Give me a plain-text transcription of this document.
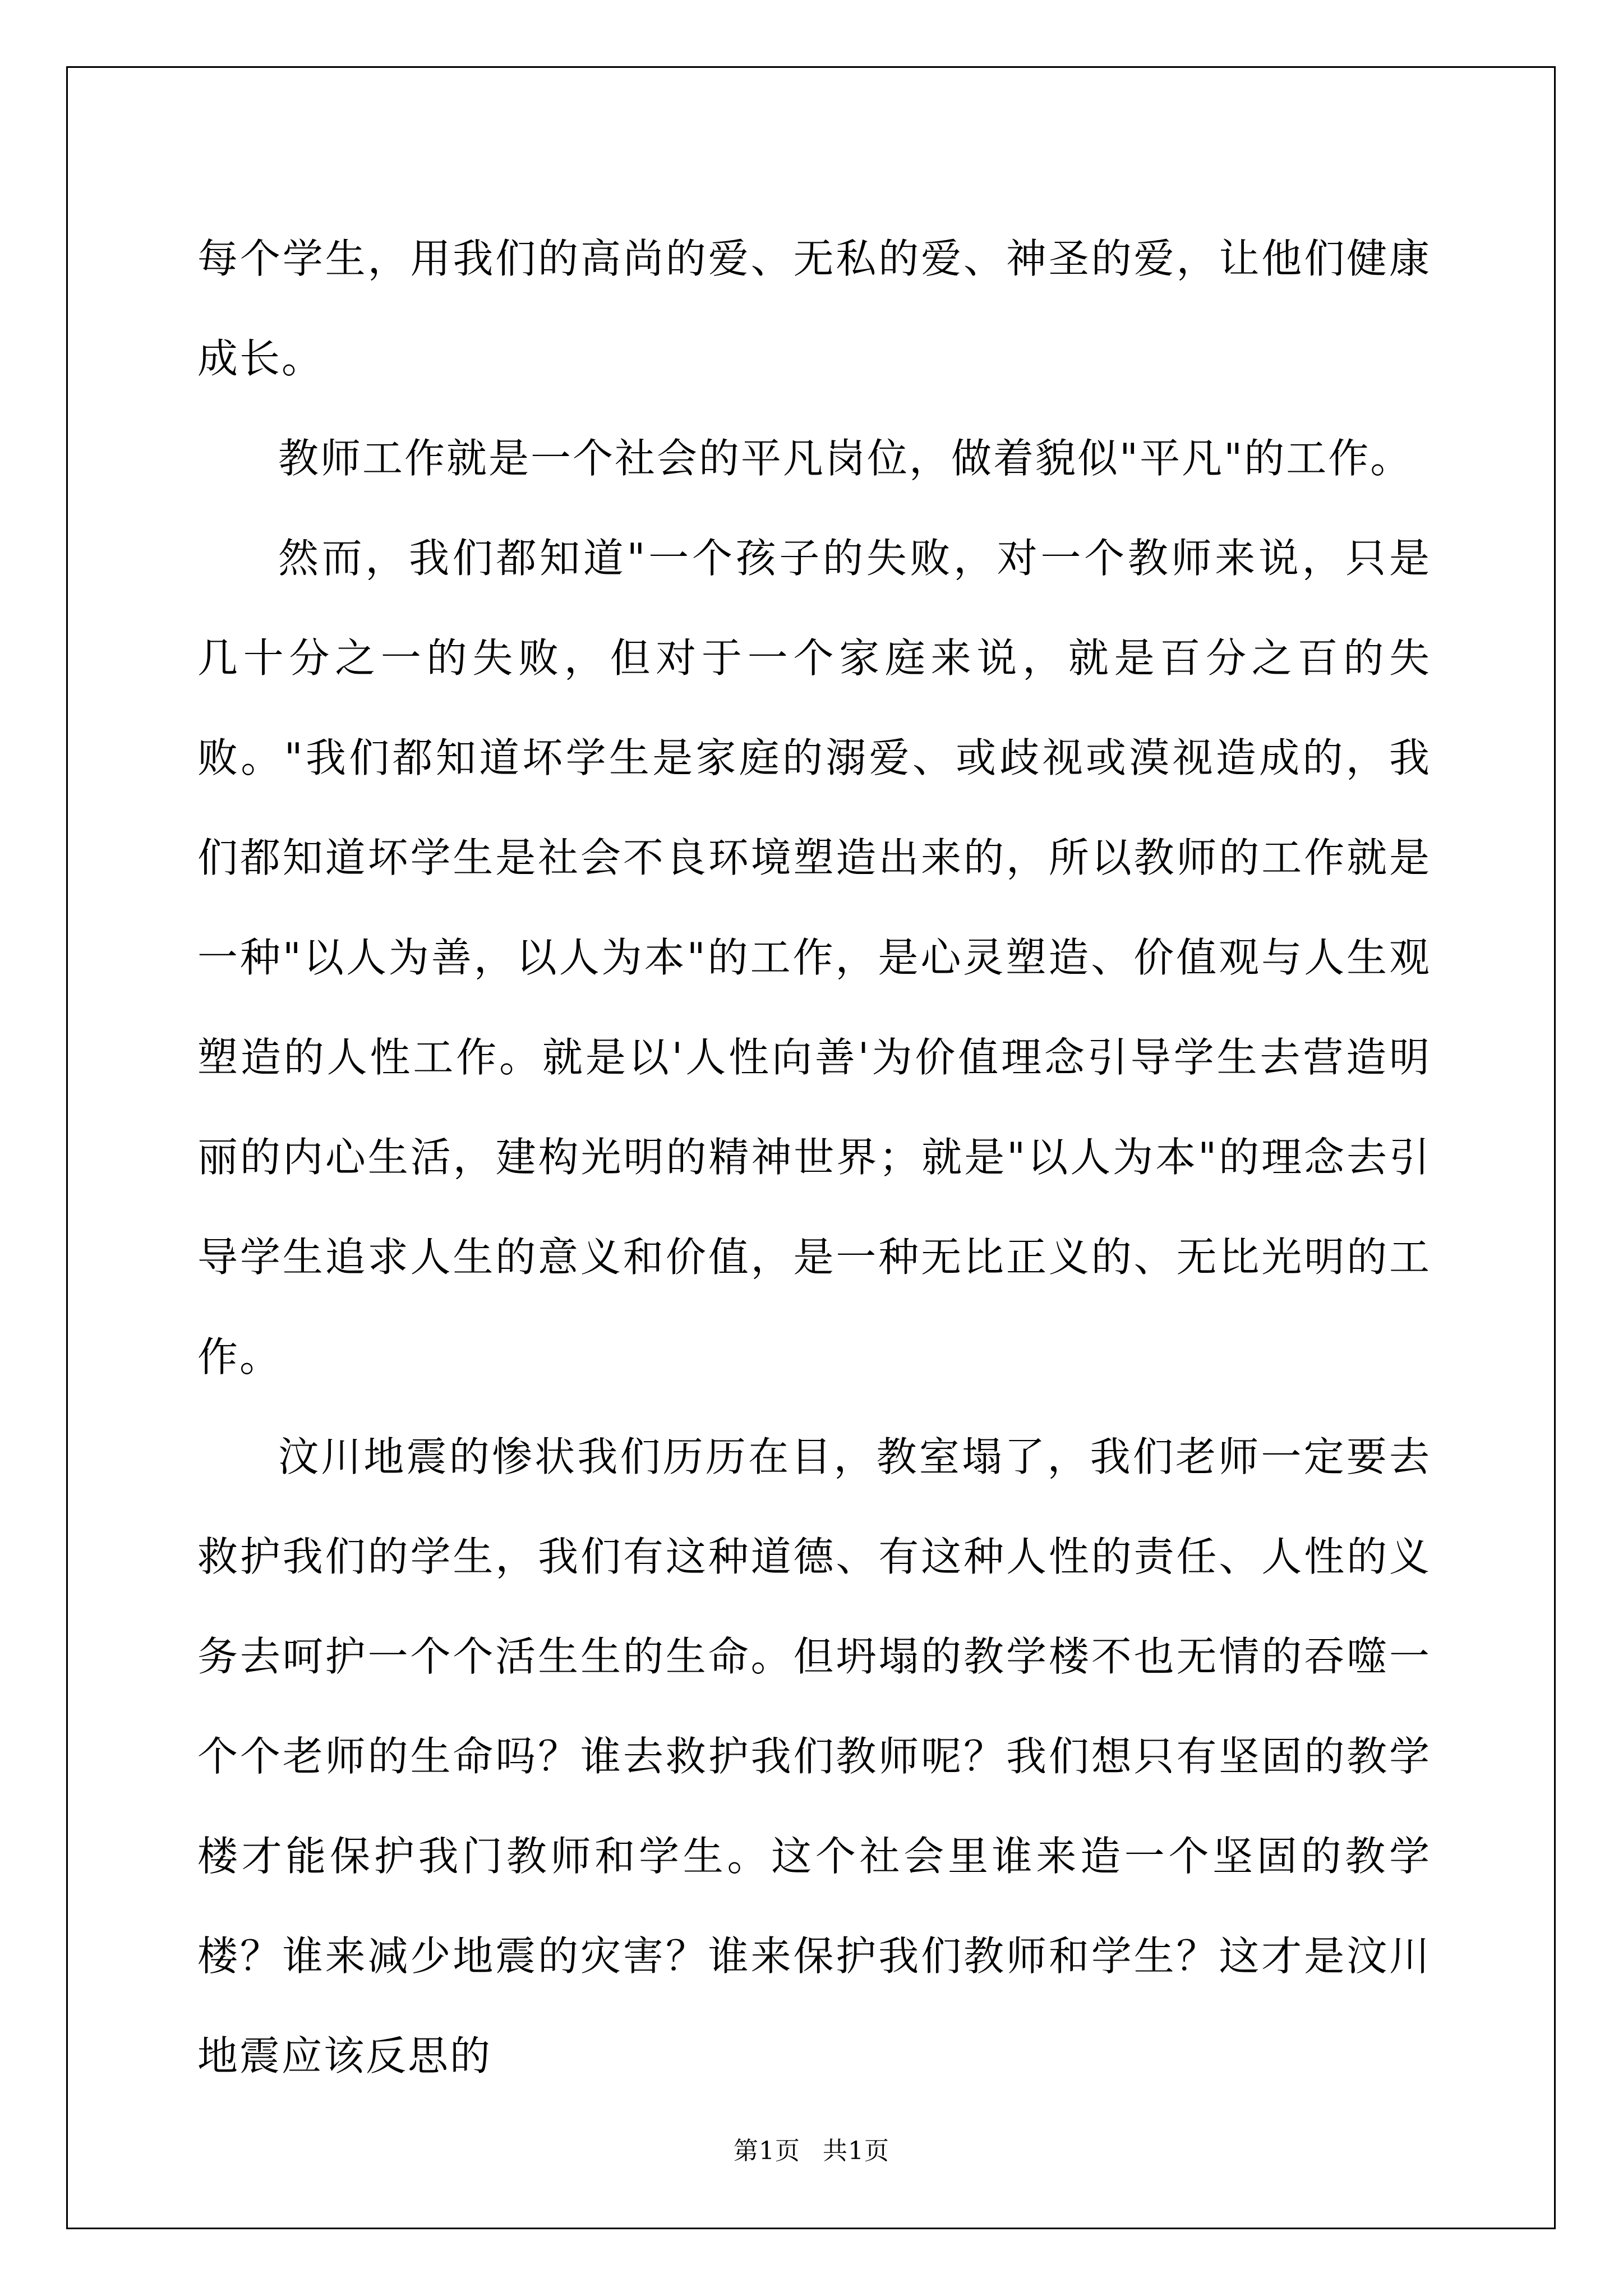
每个学生，用我们的高尚的爱、无私的爱、神圣的爱，让他们健康成长。

教师工作就是一个社会的平凡岗位，做着貌似"平凡"的工作。

然而，我们都知道"一个孩子的失败，对一个教师来说，只是几十分之一的失败，但对于一个家庭来说，就是百分之百的失败。"我们都知道坏学生是家庭的溺爱、或歧视或漠视造成的，我们都知道坏学生是社会不良环境塑造出来的，所以教师的工作就是一种"以人为善，以人为本"的工作，是心灵塑造、价值观与人生观塑造的人性工作。就是以'人性向善'为价值理念引导学生去营造明丽的内心生活，建构光明的精神世界；就是"以人为本"的理念去引导学生追求人生的意义和价值，是一种无比正义的、无比光明的工作。

汶川地震的惨状我们历历在目，教室塌了，我们老师一定要去救护我们的学生，我们有这种道德、有这种人性的责任、人性的义务去呵护一个个活生生的生命。但坍塌的教学楼不也无情的吞噬一个个老师的生命吗？谁去救护我们教师呢？我们想只有坚固的教学楼才能保护我门教师和学生。这个社会里谁来造一个坚固的教学楼？谁来减少地震的灾害？谁来保护我们教师和学生？这才是汶川地震应该反思的

第1页 共1页
